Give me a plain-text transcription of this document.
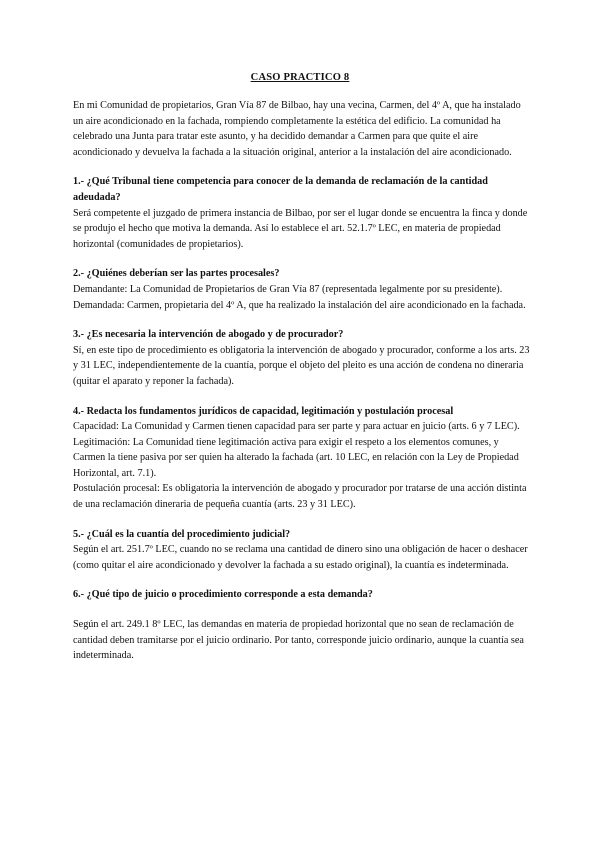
CASO PRACTICO 8

En mi Comunidad de propietarios, Gran Vía 87 de Bilbao, hay una vecina, Carmen, del 4º A, que ha instalado un aire acondicionado en la fachada, rompiendo completamente la estética del edificio. La comunidad ha celebrado una Junta para tratar este asunto, y ha decidido demandar a Carmen para que quite el aire acondicionado y devuelva la fachada a la situación original, anterior a la instalación del aire acondicionado.

1.- ¿Qué Tribunal tiene competencia para conocer de la demanda de reclamación de la cantidad adeudada?

Será competente el juzgado de primera instancia de Bilbao, por ser el lugar donde se encuentra la finca y donde se produjo el hecho que motiva la demanda. Así lo establece el art. 52.1.7º LEC, en materia de propiedad horizontal (comunidades de propietarios).

2.- ¿Quiénes deberían ser las partes procesales?

Demandante: La Comunidad de Propietarios de Gran Vía 87 (representada legalmente por su presidente).

Demandada: Carmen, propietaria del 4º A, que ha realizado la instalación del aire acondicionado en la fachada.

3.- ¿Es necesaria la intervención de abogado y de procurador?

Sí, en este tipo de procedimiento es obligatoria la intervención de abogado y procurador, conforme a los arts. 23 y 31 LEC, independientemente de la cuantía, porque el objeto del pleito es una acción de condena no dineraria (quitar el aparato y reponer la fachada).

4.- Redacta los fundamentos jurídicos de capacidad, legitimación y postulación procesal

Capacidad: La Comunidad y Carmen tienen capacidad para ser parte y para actuar en juicio (arts. 6 y 7 LEC).

Legitimación: La Comunidad tiene legitimación activa para exigir el respeto a los elementos comunes, y Carmen la tiene pasiva por ser quien ha alterado la fachada (art. 10 LEC, en relación con la Ley de Propiedad Horizontal, art. 7.1).

Postulación procesal: Es obligatoria la intervención de abogado y procurador por tratarse de una acción distinta de una reclamación dineraria de pequeña cuantía (arts. 23 y 31 LEC).

5.- ¿Cuál es la cuantía del procedimiento judicial?

Según el art. 251.7º LEC, cuando no se reclama una cantidad de dinero sino una obligación de hacer o deshacer (como quitar el aire acondicionado y devolver la fachada a su estado original), la cuantía es indeterminada.

6.- ¿Qué tipo de juicio o procedimiento corresponde a esta demanda?

Según el art. 249.1 8º LEC, las demandas en materia de propiedad horizontal que no sean de reclamación de cantidad deben tramitarse por el juicio ordinario. Por tanto, corresponde juicio ordinario, aunque la cuantía sea indeterminada.
